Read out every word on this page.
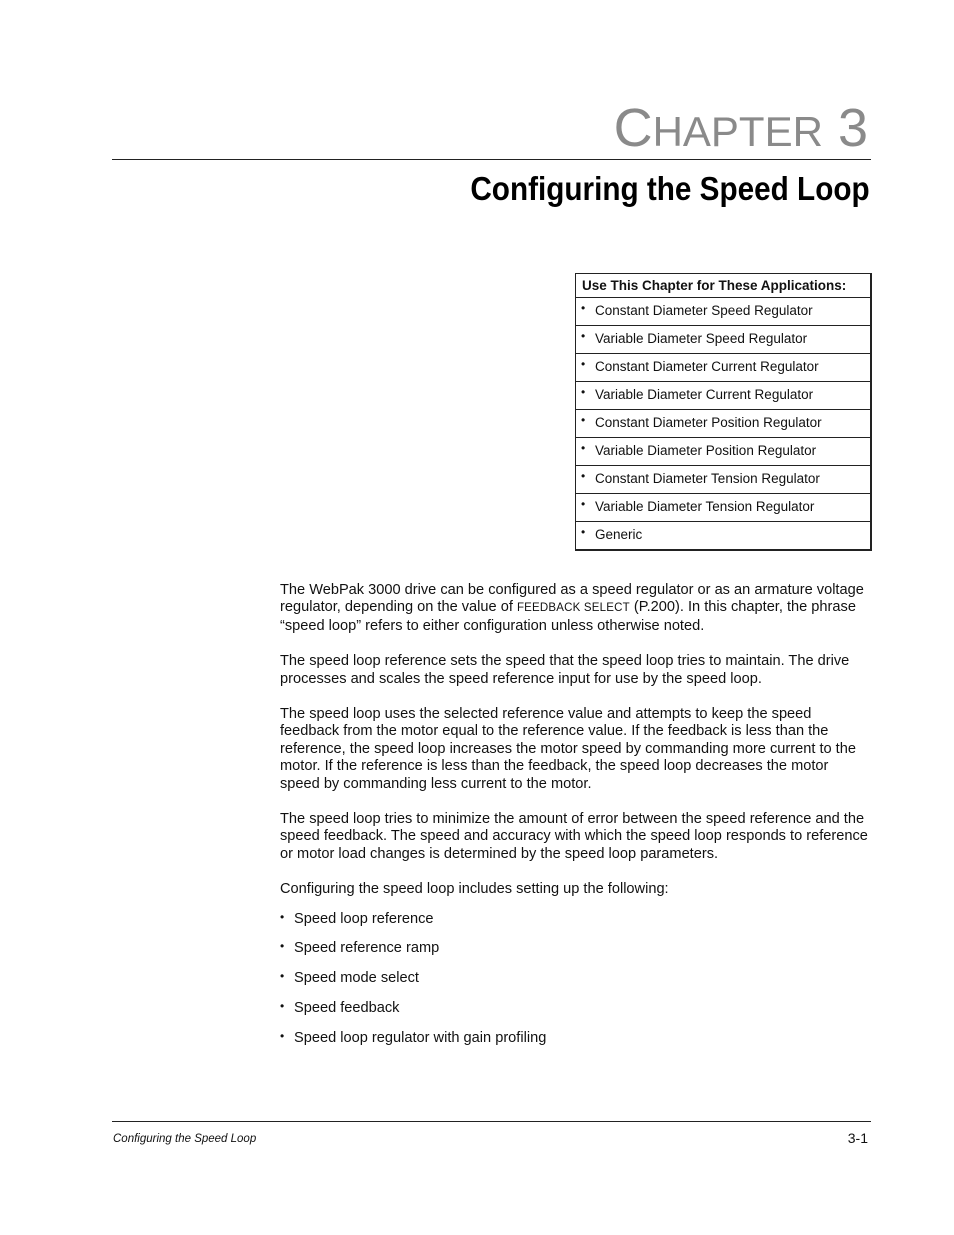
CHAPTER 3
Configuring the Speed Loop
Use This Chapter for These Applications:
• Constant Diameter Speed Regulator
• Variable Diameter Speed Regulator
• Constant Diameter Current Regulator
• Variable Diameter Current Regulator
• Constant Diameter Position Regulator
• Variable Diameter Position Regulator
• Constant Diameter Tension Regulator
• Variable Diameter Tension Regulator
• Generic

The WebPak 3000 drive can be configured as a speed regulator or as an armature voltage regulator, depending on the value of FEEDBACK SELECT (P.200). In this chapter, the phrase “speed loop” refers to either configuration unless otherwise noted.

The speed loop reference sets the speed that the speed loop tries to maintain. The drive processes and scales the speed reference input for use by the speed loop.

The speed loop uses the selected reference value and attempts to keep the speed feedback from the motor equal to the reference value. If the feedback is less than the reference, the speed loop increases the motor speed by commanding more current to the motor. If the reference is less than the feedback, the speed loop decreases the motor speed by commanding less current to the motor.

The speed loop tries to minimize the amount of error between the speed reference and the speed feedback. The speed and accuracy with which the speed loop responds to reference or motor load changes is determined by the speed loop parameters.

Configuring the speed loop includes setting up the following:

• Speed loop reference
• Speed reference ramp
• Speed mode select
• Speed feedback
• Speed loop regulator with gain profiling
Configuring the Speed Loop	3-1
